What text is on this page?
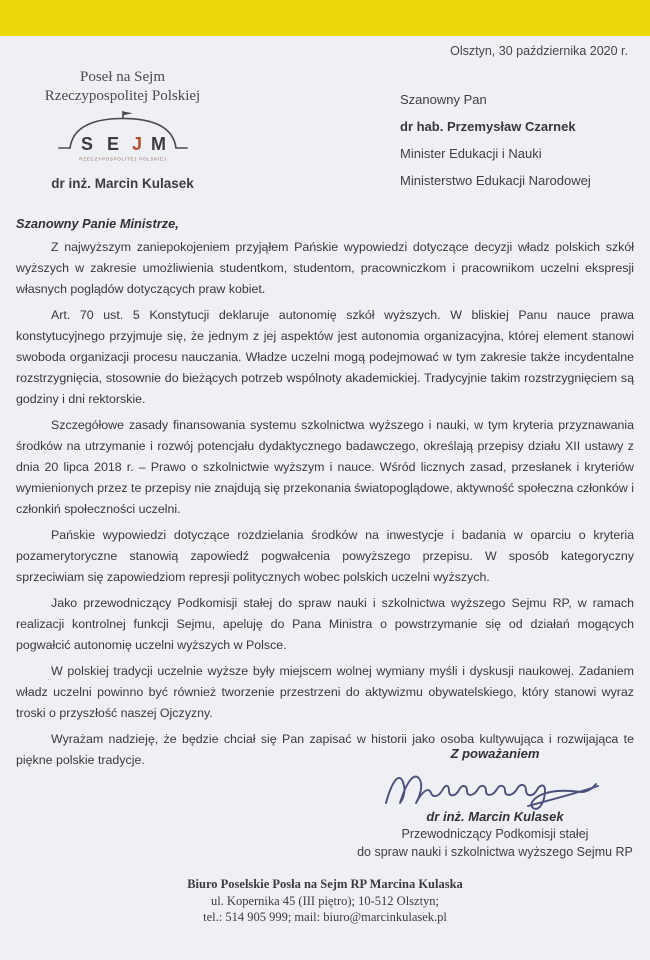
Olsztyn, 30 października 2020 r.
Poseł na Sejm
Rzeczypospolitej Polskiej
S E J M
RZECZYPOSPOLITEJ POLSKIEJ
dr inż. Marcin Kulasek
Szanowny Pan
dr hab. Przemysław Czarnek
Minister Edukacji i Nauki
Ministerstwo Edukacji Narodowej

Szanowny Panie Ministrze,

Z najwyższym zaniepokojeniem przyjąłem Pańskie wypowiedzi dotyczące decyzji władz polskich szkół wyższych w zakresie umożliwienia studentkom, studentom, pracowniczkom i pracownikom uczelni ekspresji własnych poglądów dotyczących praw kobiet.

Art. 70 ust. 5 Konstytucji deklaruje autonomię szkół wyższych. W bliskiej Panu nauce prawa konstytucyjnego przyjmuje się, że jednym z jej aspektów jest autonomia organizacyjna, której element stanowi swoboda organizacji procesu nauczania. Władze uczelni mogą podejmować w tym zakresie także incydentalne rozstrzygnięcia, stosownie do bieżących potrzeb wspólnoty akademickiej. Tradycyjnie takim rozstrzygnięciem są godziny i dni rektorskie.

Szczegółowe zasady finansowania systemu szkolnictwa wyższego i nauki, w tym kryteria przyznawania środków na utrzymanie i rozwój potencjału dydaktycznego badawczego, określają przepisy działu XII ustawy z dnia 20 lipca 2018 r. – Prawo o szkolnictwie wyższym i nauce. Wśród licznych zasad, przesłanek i kryteriów wymienionych przez te przepisy nie znajdują się przekonania światopoglądowe, aktywność społeczna członków i członkiń społeczności uczelni.

Pańskie wypowiedzi dotyczące rozdzielania środków na inwestycje i badania w oparciu o kryteria pozamerytoryczne stanowią zapowiedź pogwałcenia powyższego przepisu. W sposób kategoryczny sprzeciwiam się zapowiedziom represji politycznych wobec polskich uczelni wyższych.

Jako przewodniczący Podkomisji stałej do spraw nauki i szkolnictwa wyższego Sejmu RP, w ramach realizacji kontrolnej funkcji Sejmu, apeluję do Pana Ministra o powstrzymanie się od działań mogących pogwałcić autonomię uczelni wyższych w Polsce.

W polskiej tradycji uczelnie wyższe były miejscem wolnej wymiany myśli i dyskusji naukowej. Zadaniem władz uczelni powinno być również tworzenie przestrzeni do aktywizmu obywatelskiego, który stanowi wyraz troski o przyszłość naszej Ojczyzny.

Wyrażam nadzieję, że będzie chciał się Pan zapisać w historii jako osoba kultywująca i rozwijająca te piękne polskie tradycje.	Z poważaniem
dr inż. Marcin Kulasek
Przewodniczący Podkomisji stałej
do spraw nauki i szkolnictwa wyższego Sejmu RP
Biuro Poselskie Posła na Sejm RP Marcina Kulaska
ul. Kopernika 45 (III piętro); 10-512 Olsztyn;
tel.: 514 905 999; mail: biuro@marcinkulasek.pl
